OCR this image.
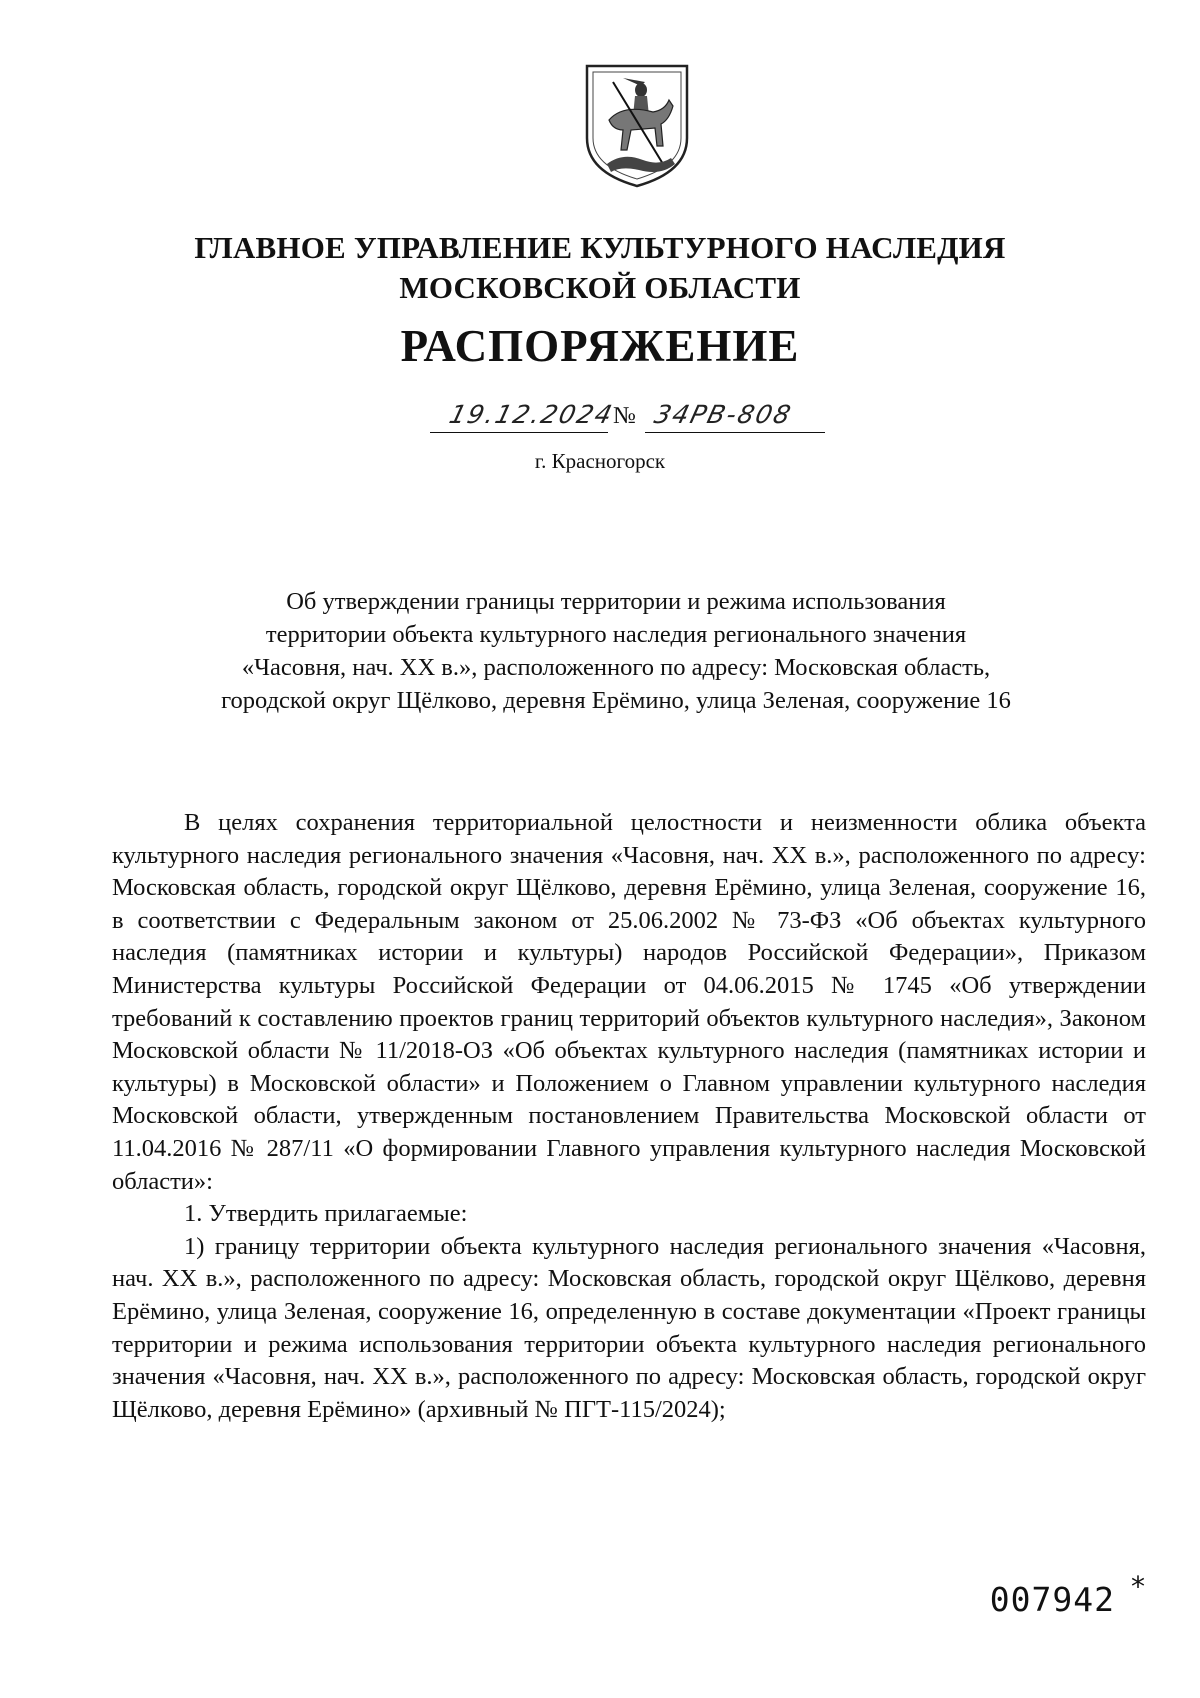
ГЛАВНОЕ УПРАВЛЕНИЕ КУЛЬТУРНОГО НАСЛЕДИЯ
МОСКОВСКОЙ ОБЛАСТИ
РАСПОРЯЖЕНИЕ
19.12.2024
№ 34РВ-808
г. Красногорск
Об утверждении границы территории и режима использования
территории объекта культурного наследия регионального значения
«Часовня, нач. XX в.», расположенного по адресу: Московская область,
городской округ Щёлково, деревня Ерёмино, улица Зеленая, сооружение 16

В целях сохранения территориальной целостности и неизменности облика объекта культурного наследия регионального значения «Часовня, нач. XX в.», расположенного по адресу: Московская область, городской округ Щёлково, деревня Ерёмино, улица Зеленая, сооружение 16, в соответствии с Федеральным законом от 25.06.2002 № 73-ФЗ «Об объектах культурного наследия (памятниках истории и культуры) народов Российской Федерации», Приказом Министерства культуры Российской Федерации от 04.06.2015 № 1745 «Об утверждении требований к составлению проектов границ территорий объектов культурного наследия», Законом Московской области № 11/2018-ОЗ «Об объектах культурного наследия (памятниках истории и культуры) в Московской области» и Положением о Главном управлении культурного наследия Московской области, утвержденным постановлением Правительства Московской области от 11.04.2016 № 287/11 «О формировании Главного управления культурного наследия Московской области»:

1. Утвердить прилагаемые:

1) границу территории объекта культурного наследия регионального значения «Часовня, нач. XX в.», расположенного по адресу: Московская область, городской округ Щёлково, деревня Ерёмино, улица Зеленая, сооружение 16, определенную в составе документации «Проект границы территории и режима использования территории объекта культурного наследия регионального значения «Часовня, нач. XX в.», расположенного по адресу: Московская область, городской округ Щёлково, деревня Ерёмино» (архивный № ПГТ-115/2024);

007942 *
